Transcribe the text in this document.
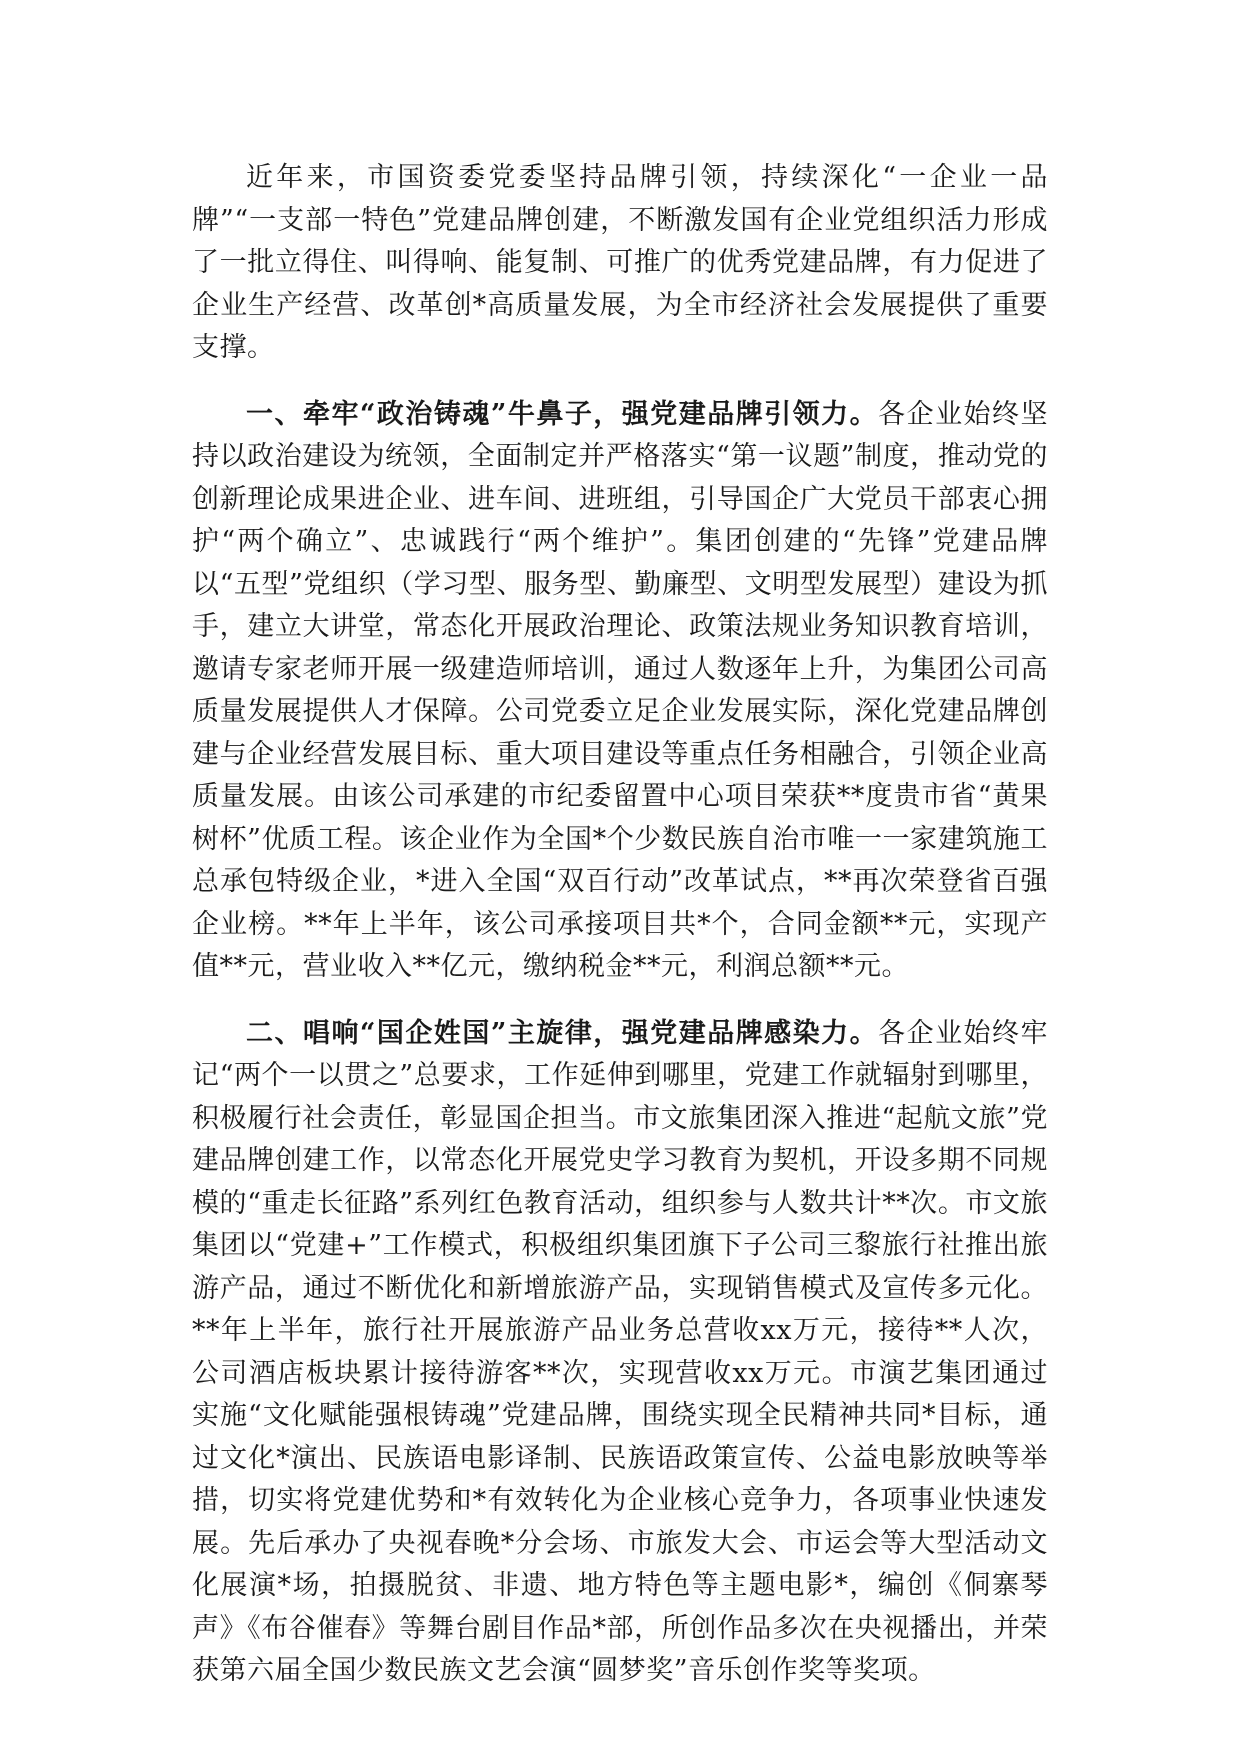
近年来，市国资委党委坚持品牌引领，持续深化“一企业一品牌”“一支部一特色”党建品牌创建，不断激发国有企业党组织活力形成了一批立得住、叫得响、能复制、可推广的优秀党建品牌，有力促进了企业生产经营、改革创*高质量发展，为全市经济社会发展提供了重要支撑。

一、牵牢“政治铸魂”牛鼻子，强党建品牌引领力。各企业始终坚持以政治建设为统领，全面制定并严格落实“第一议题”制度，推动党的创新理论成果进企业、进车间、进班组，引导国企广大党员干部衷心拥护“两个确立”、忠诚践行“两个维护”。集团创建的“先锋”党建品牌以“五型”党组织（学习型、服务型、勤廉型、文明型发展型）建设为抓手，建立大讲堂，常态化开展政治理论、政策法规业务知识教育培训，邀请专家老师开展一级建造师培训，通过人数逐年上升，为集团公司高质量发展提供人才保障。公司党委立足企业发展实际，深化党建品牌创建与企业经营发展目标、重大项目建设等重点任务相融合，引领企业高质量发展。由该公司承建的市纪委留置中心项目荣获**度贵市省“黄果树杯”优质工程。该企业作为全国*个少数民族自治市唯一一家建筑施工总承包特级企业，*进入全国“双百行动”改革试点，**再次荣登省百强企业榜。**年上半年，该公司承接项目共*个，合同金额**元，实现产值**元，营业收入**亿元，缴纳税金**元，利润总额**元。

二、唱响“国企姓国”主旋律，强党建品牌感染力。各企业始终牢记“两个一以贯之”总要求，工作延伸到哪里，党建工作就辐射到哪里，积极履行社会责任，彰显国企担当。市文旅集团深入推进“起航文旅”党建品牌创建工作，以常态化开展党史学习教育为契机，开设多期不同规模的“重走长征路”系列红色教育活动，组织参与人数共计**次。市文旅集团以“党建+”工作模式，积极组织集团旗下子公司三黎旅行社推出旅游产品，通过不断优化和新增旅游产品，实现销售模式及宣传多元化。**年上半年，旅行社开展旅游产品业务总营收xx万元，接待**人次，公司酒店板块累计接待游客**次，实现营收xx万元。市演艺集团通过实施“文化赋能强根铸魂”党建品牌，围绕实现全民精神共同*目标，通过文化*演出、民族语电影译制、民族语政策宣传、公益电影放映等举措，切实将党建优势和*有效转化为企业核心竞争力，各项事业快速发展。先后承办了央视春晚*分会场、市旅发大会、市运会等大型活动文化展演*场，拍摄脱贫、非遗、地方特色等主题电影*，编创《侗寨琴声》《布谷催春》等舞台剧目作品*部，所创作品多次在央视播出，并荣获第六届全国少数民族文艺会演“圆梦奖”音乐创作奖等奖项。
